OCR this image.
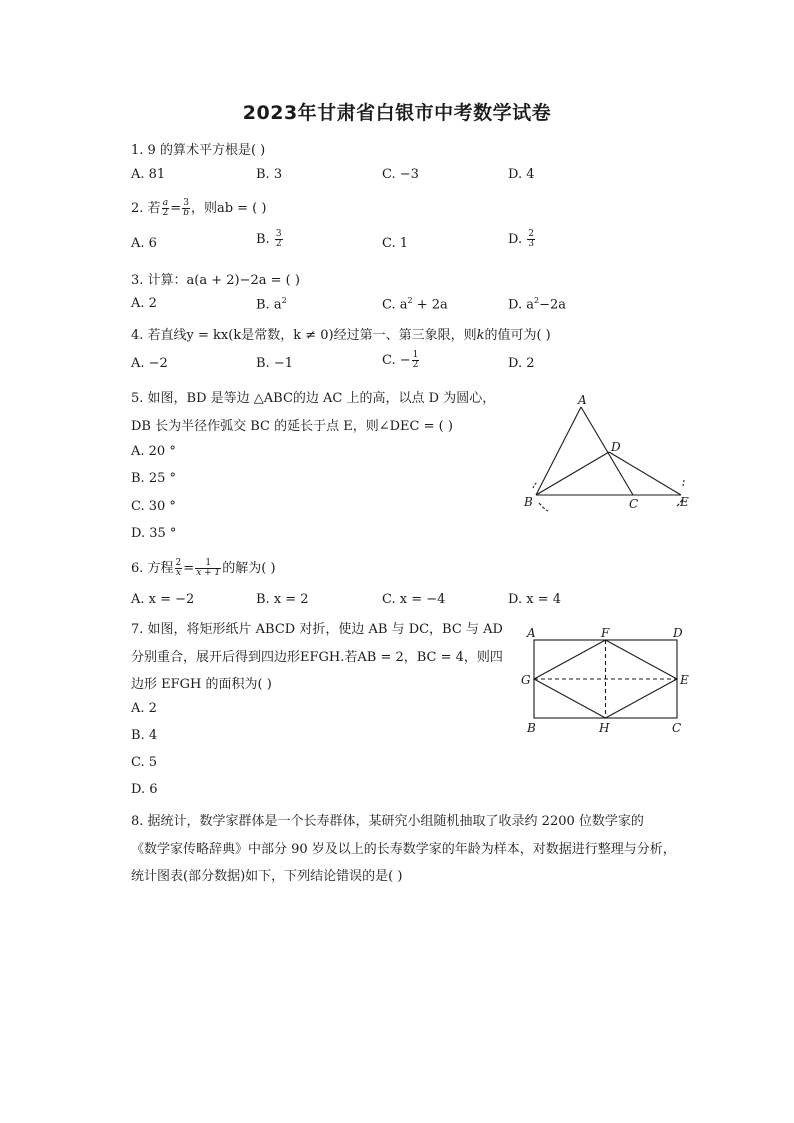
2023年甘肃省白银市中考数学试卷
1. 9 的算术平方根是( )
A. 81	B. 3	C. −3	D. 4
2. 若 $\frac{a}{2} = \frac{3}{b}$ ，则ab = ( )
A. 6	B. $\frac{3}{2}$	C. 1	D. $\frac{2}{3}$
3. 计算：a(a + 2)−2a = ( )
A. 2	B. $a^2$	C. $a^2 + 2a$	D. $a^2-2a$
4. 若直线y = kx(k是常数，k ≠ 0)经过第一、第三象限，则k的值可为( )
A. −2	B. −1	C. − $\frac{1}{2}$	D. 2
5. 如图，BD 是等边 △ABC的边 AC 上的高，以点 D 为圆心，
DB 长为半径作弧交 BC 的延长于点 E，则∠DEC = ( )
A. 20 °
B. 25 °
C. 30 °
D. 35 °
A
B	C
D
E
6. 方程 $\frac{2}{x} = \frac{1}{x + 1}$ 的解为( )
A. x = −2	B. x = 2	C. x = −4	D. x = 4
7. 如图，将矩形纸片 ABCD 对折，使边 AB 与 DC，BC 与 AD
分别重合，展开后得到四边形EFGH.若AB = 2，BC = 4，则四
边形 EFGH 的面积为( )
A. 2
B. 4
C. 5
D. 6
A	F	D
G	E
B	H	C
8. 据统计，数学家群体是一个长寿群体，某研究小组随机抽取了收录约 2200 位数学家的
《数学家传略辞典》中部分 90 岁及以上的长寿数学家的年龄为样本，对数据进行整理与分析，
统计图表(部分数据)如下，下列结论错误的是( )
